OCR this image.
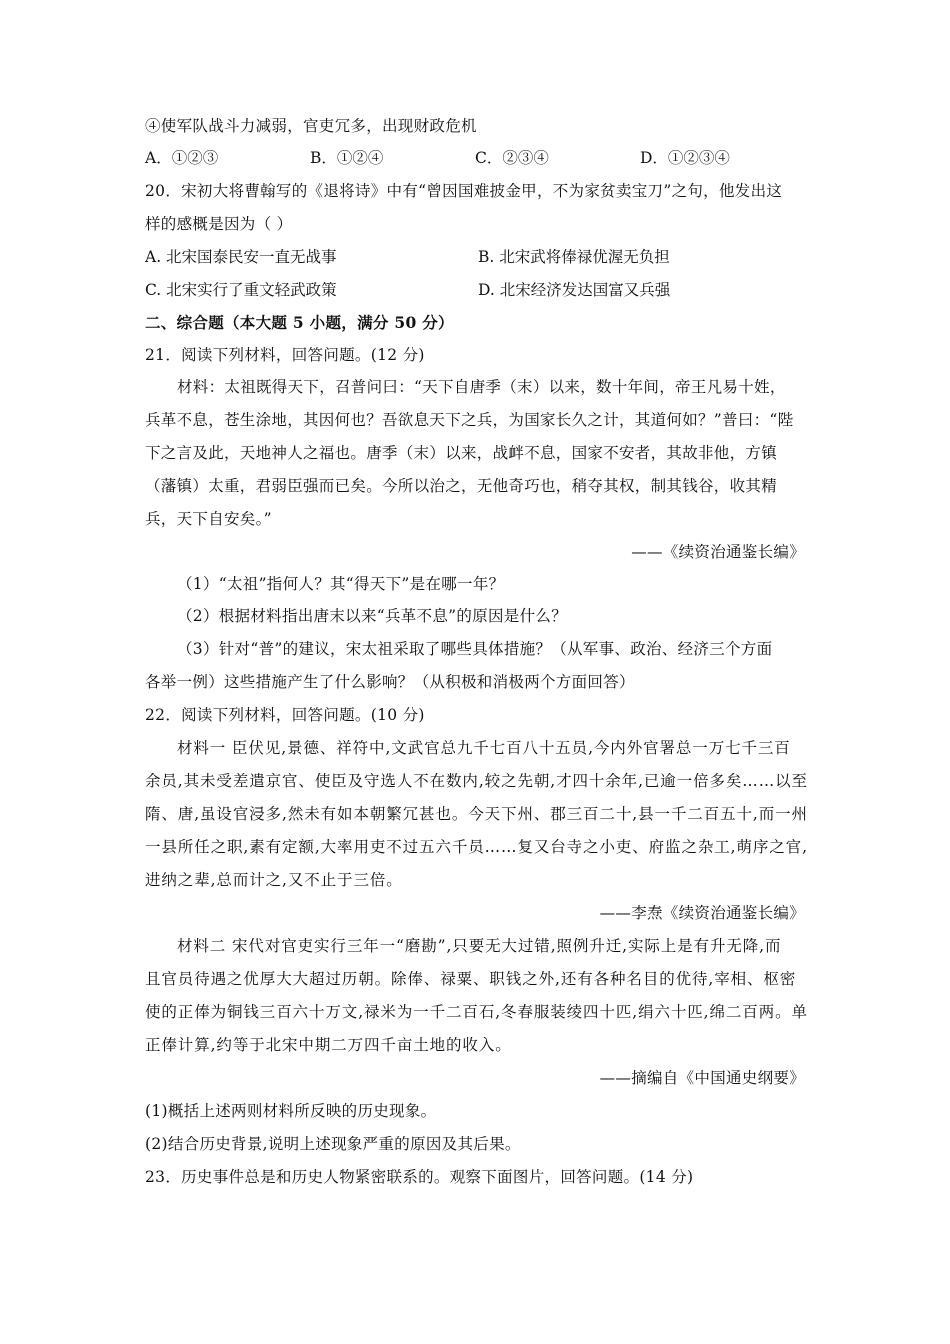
④使军队战斗力减弱，官吏冗多，出现财政危机
A．①②③	B．①②④	C．②③④	D．①②③④
20．宋初大将曹翰写的《退将诗》中有“曾因国难披金甲，不为家贫卖宝刀”之句，他发出这
样的感概是因为（ ）
A. 北宋国泰民安一直无战事	B. 北宋武将俸禄优渥无负担
C. 北宋实行了重文轻武政策	D. 北宋经济发达国富又兵强
二、综合题（本大题 5 小题，满分 50 分）
21．阅读下列材料，回答问题。(12 分)
材料：太祖既得天下，召普问曰：“天下自唐季（末）以来，数十年间，帝王凡易十姓，
兵革不息，苍生涂地，其因何也？吾欲息天下之兵，为国家长久之计，其道何如？”普曰：“陛
下之言及此，天地神人之福也。唐季（末）以来，战衅不息，国家不安者，其故非他，方镇
（藩镇）太重，君弱臣强而已矣。今所以治之，无他奇巧也，稍夺其权，制其钱谷，收其精
兵，天下自安矣。”
——《续资治通鉴长编》
（1）“太祖”指何人？其“得天下”是在哪一年？
（2）根据材料指出唐末以来“兵革不息”的原因是什么？
（3）针对“普”的建议，宋太祖采取了哪些具体措施？（从军事、政治、经济三个方面
各举一例）这些措施产生了什么影响？（从积极和消极两个方面回答）
22．阅读下列材料，回答问题。(10 分)
材料一 臣伏见,景德、祥符中,文武官总九千七百八十五员,今内外官署总一万七千三百
余员,其未受差遣京官、使臣及守选人不在数内,较之先朝,才四十余年,已逾一倍多矣……以至
隋、唐,虽设官浸多,然未有如本朝繁冗甚也。今天下州、郡三百二十,县一千二百五十,而一州
一县所任之职,素有定额,大率用吏不过五六千员……复又台寺之小吏、府监之杂工,萌序之官,
进纳之辈,总而计之,又不止于三倍。
——李焘《续资治通鉴长编》
材料二 宋代对官吏实行三年一“磨勘”,只要无大过错,照例升迁,实际上是有升无降,而
且官员待遇之优厚大大超过历朝。除俸、禄粟、职钱之外,还有各种名目的优待,宰相、枢密
使的正俸为铜钱三百六十万文,禄米为一千二百石,冬春服装绫四十匹,绢六十匹,绵二百两。单
正俸计算,约等于北宋中期二万四千亩土地的收入。
——摘编自《中国通史纲要》
(1)概括上述两则材料所反映的历史现象。
(2)结合历史背景,说明上述现象严重的原因及其后果。
23．历史事件总是和历史人物紧密联系的。观察下面图片，回答问题。(14 分)
